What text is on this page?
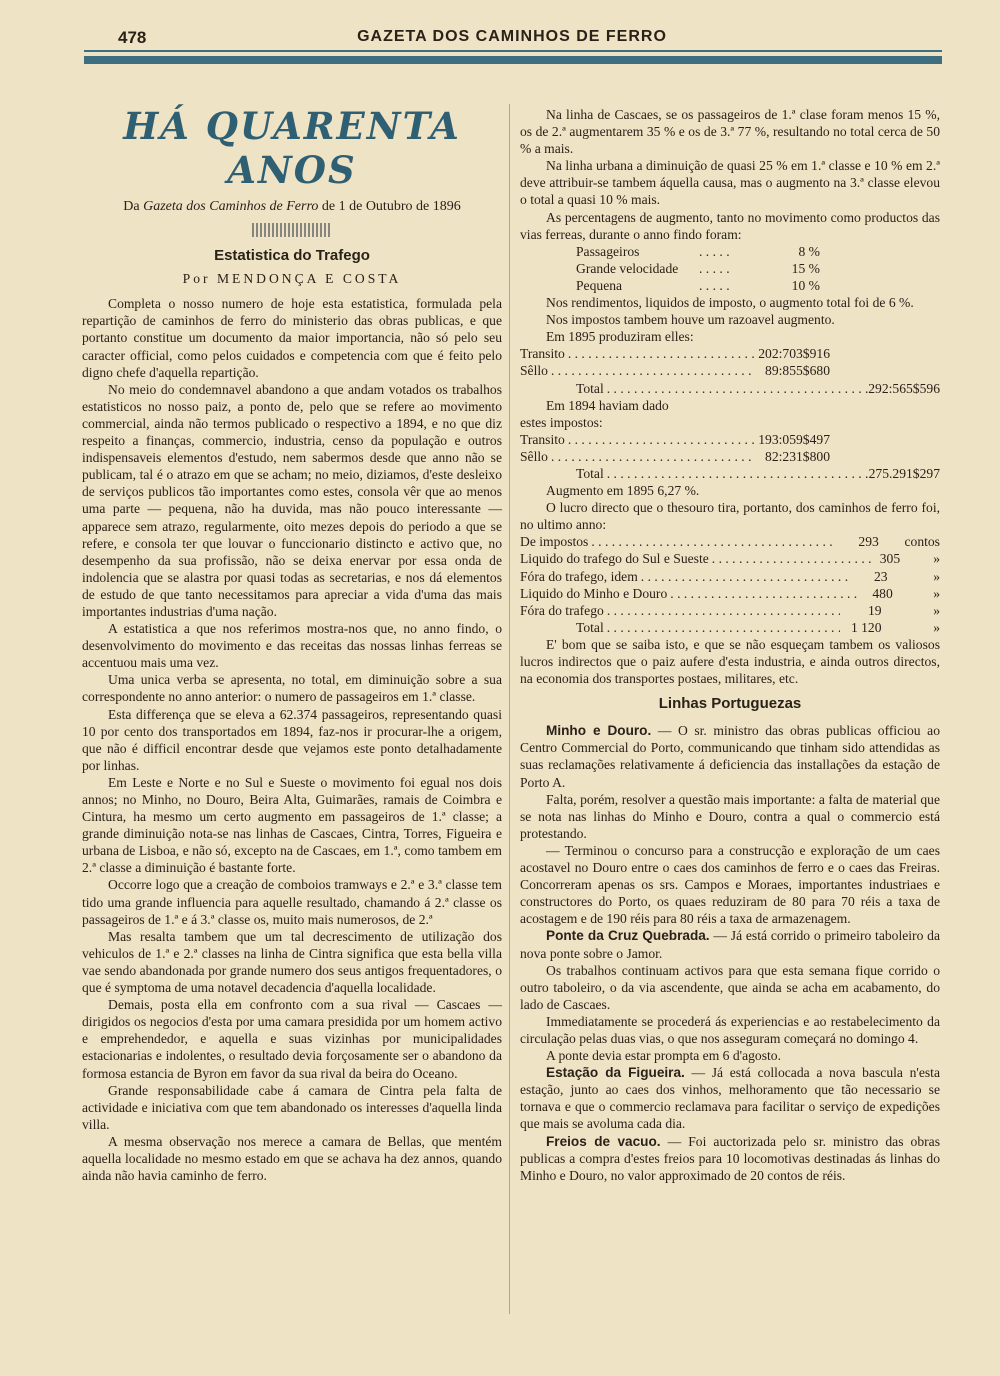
478	GAZETA DOS CAMINHOS DE FERRO
HÁ QUARENTA ANOS
Da Gazeta dos Caminhos de Ferro de 1 de Outubro de 1896
Estatistica do Trafego
Por MENDONÇA E COSTA

Completa o nosso numero de hoje esta estatistica, formulada pela repartição de caminhos de ferro do ministerio das obras publicas, e que portanto constitue um documento da maior importancia, não só pelo seu caracter official, como pelos cuidados e competencia com que é feito pelo digno chefe d'aquella repartição.

No meio do condemnavel abandono a que andam votados os trabalhos estatisticos no nosso paiz, a ponto de, pelo que se refere ao movimento commercial, ainda não termos publicado o respectivo a 1894, e no que diz respeito a finanças, commercio, industria, censo da população e outros indispensaveis elementos d'estudo, nem sabermos desde que anno não se publicam, tal é o atrazo em que se acham; no meio, diziamos, d'este desleixo de serviços publicos tão importantes como estes, consola vêr que ao menos uma parte — pequena, não ha duvida, mas não pouco interessante — apparece sem atrazo, regularmente, oito mezes depois do periodo a que se refere, e consola ter que louvar o funccionario distincto e activo que, no desempenho da sua profissão, não se deixa enervar por essa onda de indolencia que se alastra por quasi todas as secretarias, e nos dá elementos de estudo de que tanto necessitamos para apreciar a vida d'uma das mais importantes industrias d'uma nação.

A estatistica a que nos referimos mostra-nos que, no anno findo, o desenvolvimento do movimento e das receitas das nossas linhas ferreas se accentuou mais uma vez.

Uma unica verba se apresenta, no total, em diminuição sobre a sua correspondente no anno anterior: o numero de passageiros em 1.ª classe.

Esta differença que se eleva a 62.374 passageiros, representando quasi 10 por cento dos transportados em 1894, faz-nos ir procurar-lhe a origem, que não é difficil encontrar desde que vejamos este ponto detalhadamente por linhas.

Em Leste e Norte e no Sul e Sueste o movimento foi egual nos dois annos; no Minho, no Douro, Beira Alta, Guimarães, ramais de Coimbra e Cintura, ha mesmo um certo augmento em passageiros de 1.ª classe; a grande diminuição nota-se nas linhas de Cascaes, Cintra, Torres, Figueira e urbana de Lisboa, e não só, excepto na de Cascaes, em 1.ª, como tambem em 2.ª classe a diminuição é bastante forte.

Occorre logo que a creação de comboios tramways e 2.ª e 3.ª classe tem tido uma grande influencia para aquelle resultado, chamando á 2.ª classe os passageiros de 1.ª e á 3.ª classe os, muito mais numerosos, de 2.ª

Mas resalta tambem que um tal decrescimento de utilização dos vehiculos de 1.ª e 2.ª classes na linha de Cintra significa que esta bella villa vae sendo abandonada por grande numero dos seus antigos frequentadores, o que é symptoma de uma notavel decadencia d'aquella localidade.

Demais, posta ella em confronto com a sua rival — Cascaes — dirigidos os negocios d'esta por uma camara presidida por um homem activo e emprehendedor, e aquella e suas vizinhas por municipalidades estacionarias e indolentes, o resultado devia forçosamente ser o abandono da formosa estancia de Byron em favor da sua rival da beira do Oceano.

Grande responsabilidade cabe á camara de Cintra pela falta de actividade e iniciativa com que tem abandonado os interesses d'aquella linda villa.

A mesma observação nos merece a camara de Bellas, que mentém aquella localidade no mesmo estado em que se achava ha dez annos, quando ainda não havia caminho de ferro.

Na linha de Cascaes, se os passageiros de 1.ª clase foram menos 15 %, os de 2.ª augmentarem 35 % e os de 3.ª 77 %, resultando no total cerca de 50 % a mais.

Na linha urbana a diminuição de quasi 25 % em 1.ª classe e 10 % em 2.ª deve attribuir-se tambem áquella causa, mas o augmento na 3.ª classe elevou o total a quasi 10 % mais.

As percentagens de augmento, tanto no movimento como productos das vias ferreas, durante o anno findo foram:

Passageiros . . .	8 %
Grande velocidade . . .	15 %
Pequena . . .	10 %

Nos rendimentos, liquidos de imposto, o augmento total foi de 6 %.

Nos impostos tambem houve um razoavel augmento.

Em 1895 produziram elles:

Transito . . .	202:703$916
Sêllo . . .	89:855$680
Total . . .	292:565$596

Em 1894 haviam dado

estes impostos:
Transito . . .	193:059$497
Sêllo . . .	82:231$800
Total . . .	275.291$297

Augmento em 1895 6,27 %.

O lucro directo que o thesouro tira, portanto, dos caminhos de ferro foi, no ultimo anno:

De impostos . . .	293	contos
Liquido do trafego do Sul e Sueste . . .	305	»
Fóra do trafego, idem . . .	23	»
Liquido do Minho e Douro . . .	480	»
Fóra do trafego . . .	19	»
Total . . .	1 120	»

E' bom que se saiba isto, e que se não esqueçam tambem os valiosos lucros indirectos que o paiz aufere d'esta industria, e ainda outros directos, na economia dos transportes postaes, militares, etc.

Linhas Portuguezas

Minho e Douro. — O sr. ministro das obras publicas officiou ao Centro Commercial do Porto, communicando que tinham sido attendidas as suas reclamações relativamente á deficiencia das installações da estação de Porto A.

Falta, porém, resolver a questão mais importante: a falta de material que se nota nas linhas do Minho e Douro, contra a qual o commercio está protestando.

— Terminou o concurso para a construcção e exploração de um caes acostavel no Douro entre o caes dos caminhos de ferro e o caes das Freiras. Concorreram apenas os srs. Campos e Moraes, importantes industriaes e constructores do Porto, os quaes reduziram de 80 para 70 réis a taxa de acostagem e de 190 réis para 80 réis a taxa de armazenagem.

Ponte da Cruz Quebrada. — Já está corrido o primeiro taboleiro da nova ponte sobre o Jamor.

Os trabalhos continuam activos para que esta semana fique corrido o outro taboleiro, o da via ascendente, que ainda se acha em acabamento, do lado de Cascaes.

Immediatamente se procederá ás experiencias e ao restabelecimento da circulação pelas duas vias, o que nos asseguram começará no domingo 4.

A ponte devia estar prompta em 6 d'agosto.

Estação da Figueira. — Já está collocada a nova bascula n'esta estação, junto ao caes dos vinhos, melhoramento que tão necessario se tornava e que o commercio reclamava para facilitar o serviço de expedições que mais se avoluma cada dia.

Freios de vacuo. — Foi auctorizada pelo sr. ministro das obras publicas a compra d'estes freios para 10 locomotivas destinadas ás linhas do Minho e Douro, no valor approximado de 20 contos de réis.
